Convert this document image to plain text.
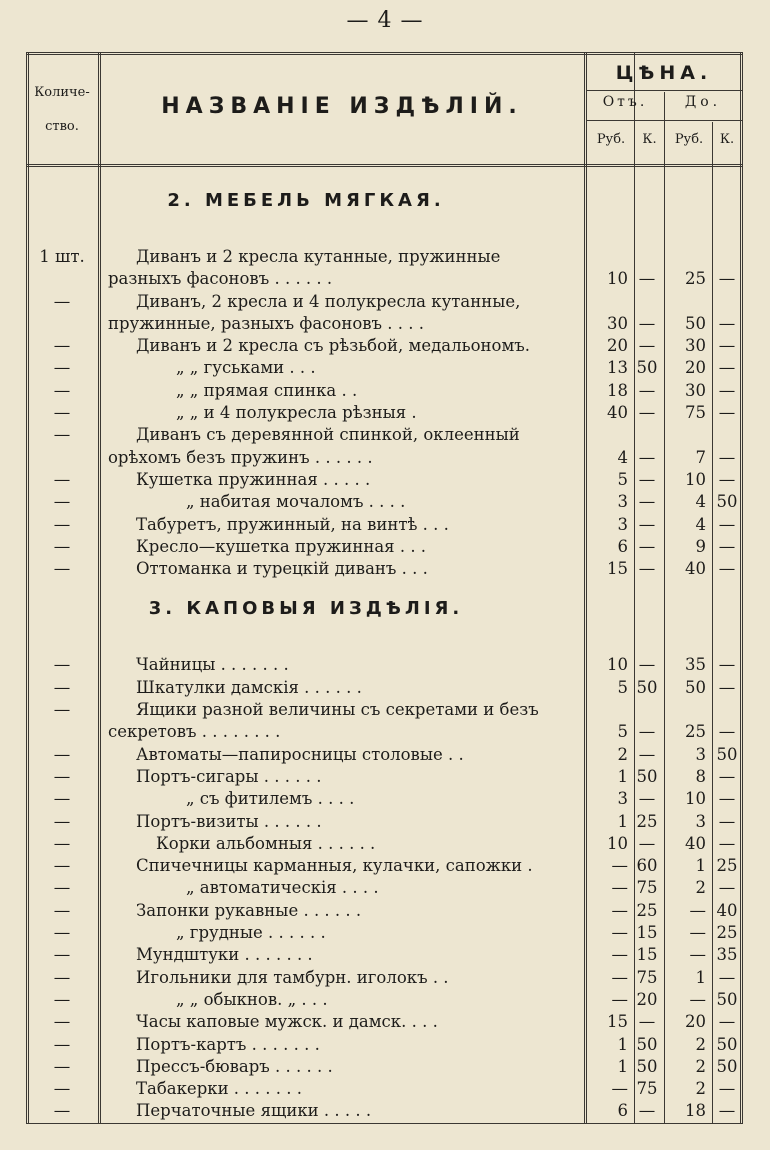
— 4 —
Количе-
ство.
НАЗВАНІЕ ИЗДѢЛІЙ.
ЦѢНА.
Отъ.	До.
Руб.	К.	Руб.	К.
2. МЕБЕЛЬ МЯГКАЯ.
1 шт.	Диванъ и 2 кресла кутанные, пружинные
разныхъ фасоновъ . . . . . .	10 —	25 —
—	Диванъ, 2 кресла и 4 полукресла кутанные,
пружинные, разныхъ фасоновъ . . . .	30 —	50 —
—	Диванъ и 2 кресла съ рѣзьбой, медальономъ.	20 —	30 —
—	„ „ гуськами . . .	13 50	20 —
—	„ „ прямая спинка . .	18 —	30 —
—	„ „ и 4 полукресла рѣзныя .	40 —	75 —
—	Диванъ съ деревянной спинкой, оклеенный
орѣхомъ безъ пружинъ . . . . . .	4 —	7 —
—	Кушетка пружинная . . . . .	5 —	10 —
—	„ набитая мочаломъ . . . .	3 —	4 50
—	Табуретъ, пружинный, на винтѣ . . .	3 —	4 —
—	Кресло—кушетка пружинная . . .	6 —	9 —
—	Оттоманка и турецкій диванъ . . .	15 —	40 —
3. КАПОВЫЯ ИЗДѢЛІЯ.
—	Чайницы . . . . . . .	10 —	35 —
—	Шкатулки дамскія . . . . . .	5 50	50 —
—	Ящики разной величины съ секретами и безъ
секретовъ . . . . . . . .	5 —	25 —
—	Автоматы—папиросницы столовые . .	2 —	3 50
—	Портъ-сигары . . . . . .	1 50	8 —
—	„ съ фитилемъ . . . .	3 —	10 —
—	Портъ-визиты . . . . . .	1 25	3 —
—	Корки альбомныя . . . . . .	10 —	40 —
—	Спичечницы карманныя, кулачки, сапожки .	— 60	1 25
—	„ автоматическія . . . .	— 75	2 —
—	Запонки рукавные . . . . . .	— 25	— 40
—	„ грудные . . . . . .	— 15	— 25
—	Мундштуки . . . . . . .	— 15	— 35
—	Игольники для тамбурн. иголокъ . .	— 75	1 —
—	„ „ обыкнов. „ . . .	— 20	— 50
—	Часы каповые мужск. и дамск. . . .	15 —	20 —
—	Портъ-картъ . . . . . . .	1 50	2 50
—	Прессъ-бюваръ . . . . . .	1 50	2 50
—	Табакерки . . . . . . .	— 75	2 —
—	Перчаточные ящики . . . . .	6 —	18 —
